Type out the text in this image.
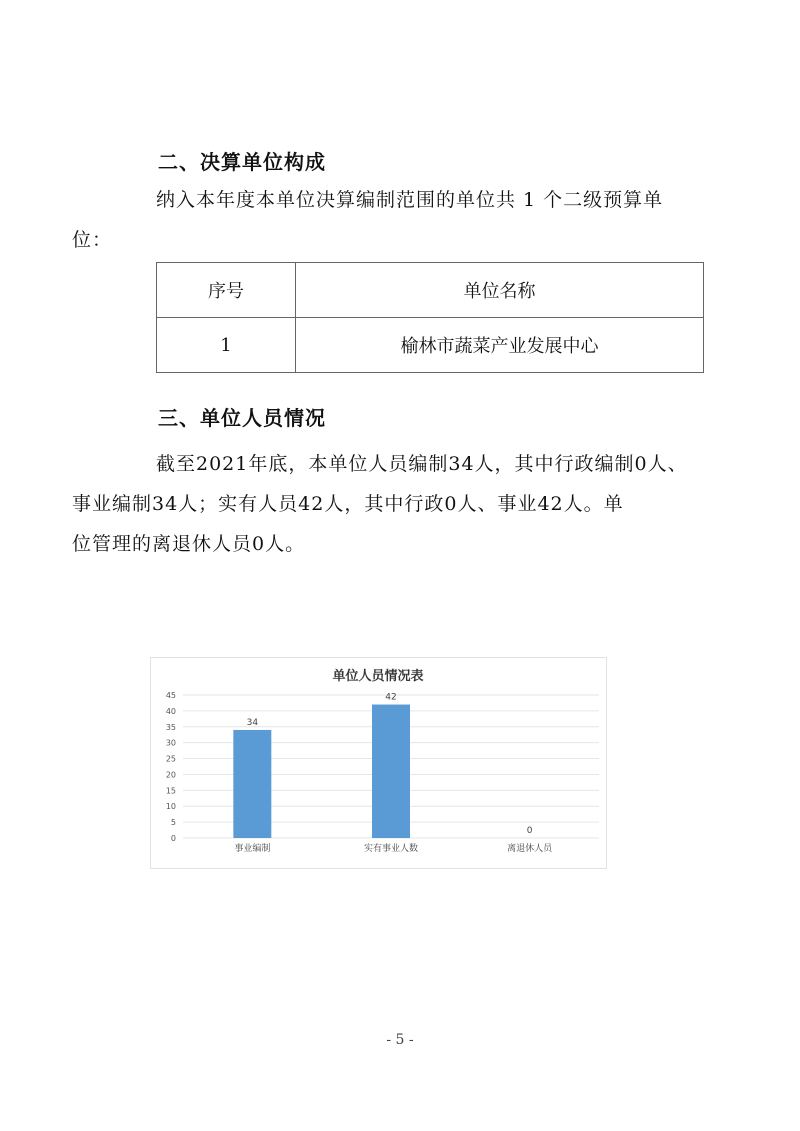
二、决算单位构成
纳入本年度本单位决算编制范围的单位共 1 个二级预算单
位：
序号	单位名称
1	榆林市蔬菜产业发展中心
三、单位人员情况
截至2021年底，本单位人员编制34人，其中行政编制0人、
事业编制34人；实有人员42人，其中行政0人、事业42人。单
位管理的离退休人员0人。
单位人员情况表
0
5
10
15
20
25
30
35
40
45
34
事业编制
42
实有事业人数
0
离退休人员
- 5 -
